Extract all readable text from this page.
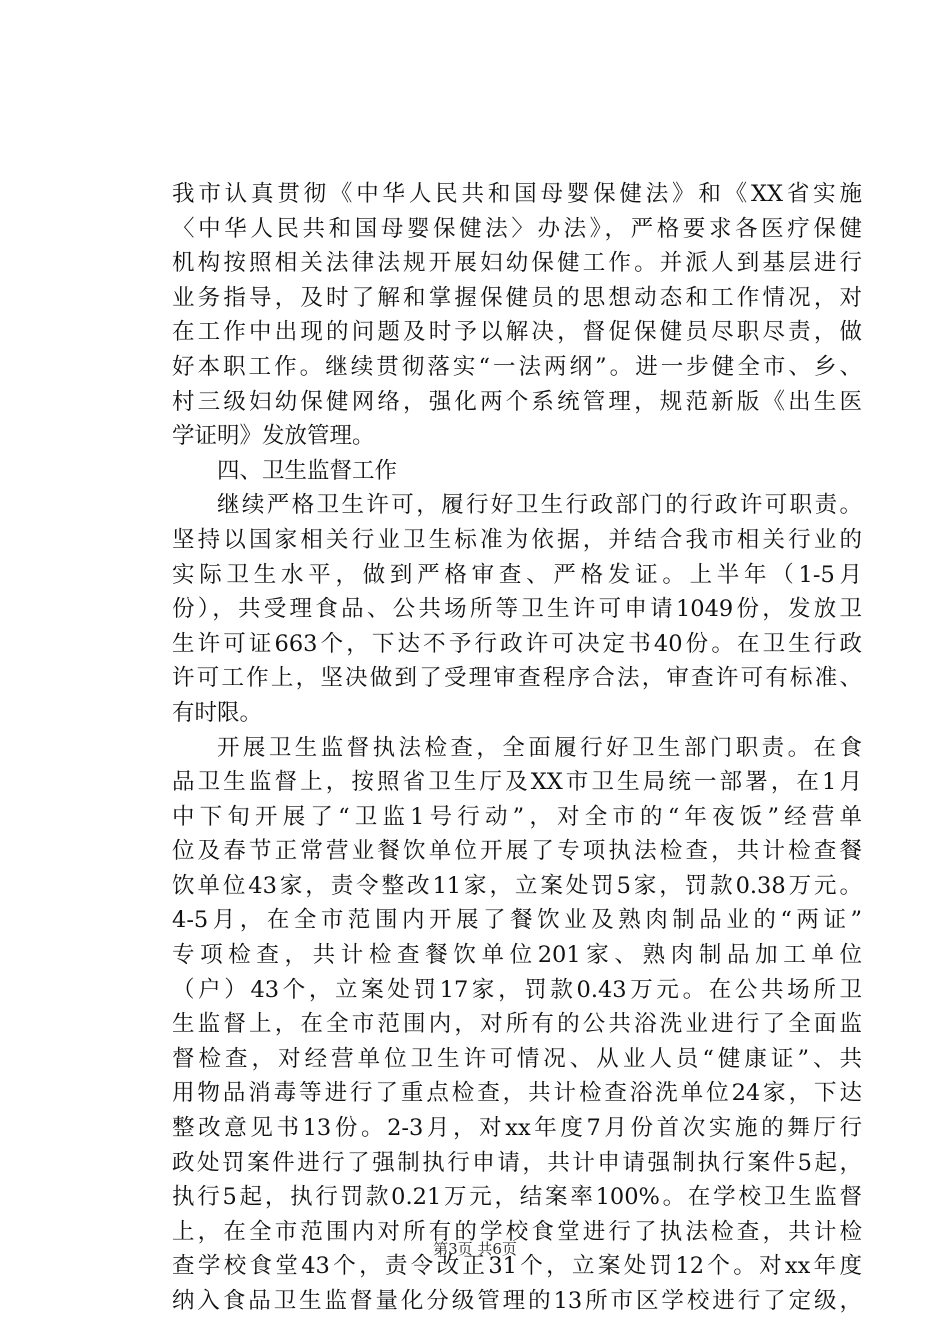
我市认真贯彻《中华人民共和国母婴保健法》和《XX省实施
〈中华人民共和国母婴保健法〉办法》，严格要求各医疗保健
机构按照相关法律法规开展妇幼保健工作。并派人到基层进行
业务指导，及时了解和掌握保健员的思想动态和工作情况，对
在工作中出现的问题及时予以解决，督促保健员尽职尽责，做
好本职工作。继续贯彻落实“一法两纲”。进一步健全市、乡、
村三级妇幼保健网络，强化两个系统管理，规范新版《出生医
学证明》发放管理。
四、卫生监督工作
继续严格卫生许可，履行好卫生行政部门的行政许可职责。
坚持以国家相关行业卫生标准为依据，并结合我市相关行业的
实际卫生水平，做到严格审查、严格发证。上半年（1-5月
份），共受理食品、公共场所等卫生许可申请1049份，发放卫
生许可证663个，下达不予行政许可决定书40份。在卫生行政
许可工作上，坚决做到了受理审查程序合法，审查许可有标准、
有时限。
开展卫生监督执法检查，全面履行好卫生部门职责。在食
品卫生监督上，按照省卫生厅及XX市卫生局统一部署，在1月
中下旬开展了“卫监1号行动”，对全市的“年夜饭”经营单
位及春节正常营业餐饮单位开展了专项执法检查，共计检查餐
饮单位43家，责令整改11家，立案处罚5家，罚款0.38万元。
4-5月，在全市范围内开展了餐饮业及熟肉制品业的“两证”
专项检查，共计检查餐饮单位201家、熟肉制品加工单位
（户）43个，立案处罚17家，罚款0.43万元。在公共场所卫
生监督上，在全市范围内，对所有的公共浴洗业进行了全面监
督检查，对经营单位卫生许可情况、从业人员“健康证”、共
用物品消毒等进行了重点检查，共计检查浴洗单位24家，下达
整改意见书13份。2-3月，对xx年度7月份首次实施的舞厅行
政处罚案件进行了强制执行申请，共计申请强制执行案件5起，
执行5起，执行罚款0.21万元，结案率100%。在学校卫生监督
上，在全市范围内对所有的学校食堂进行了执法检查，共计检
查学校食堂43个，责令改正31个，立案处罚12个。对xx年度
纳入食品卫生监督量化分级管理的13所市区学校进行了定级，
第3页 共6页
